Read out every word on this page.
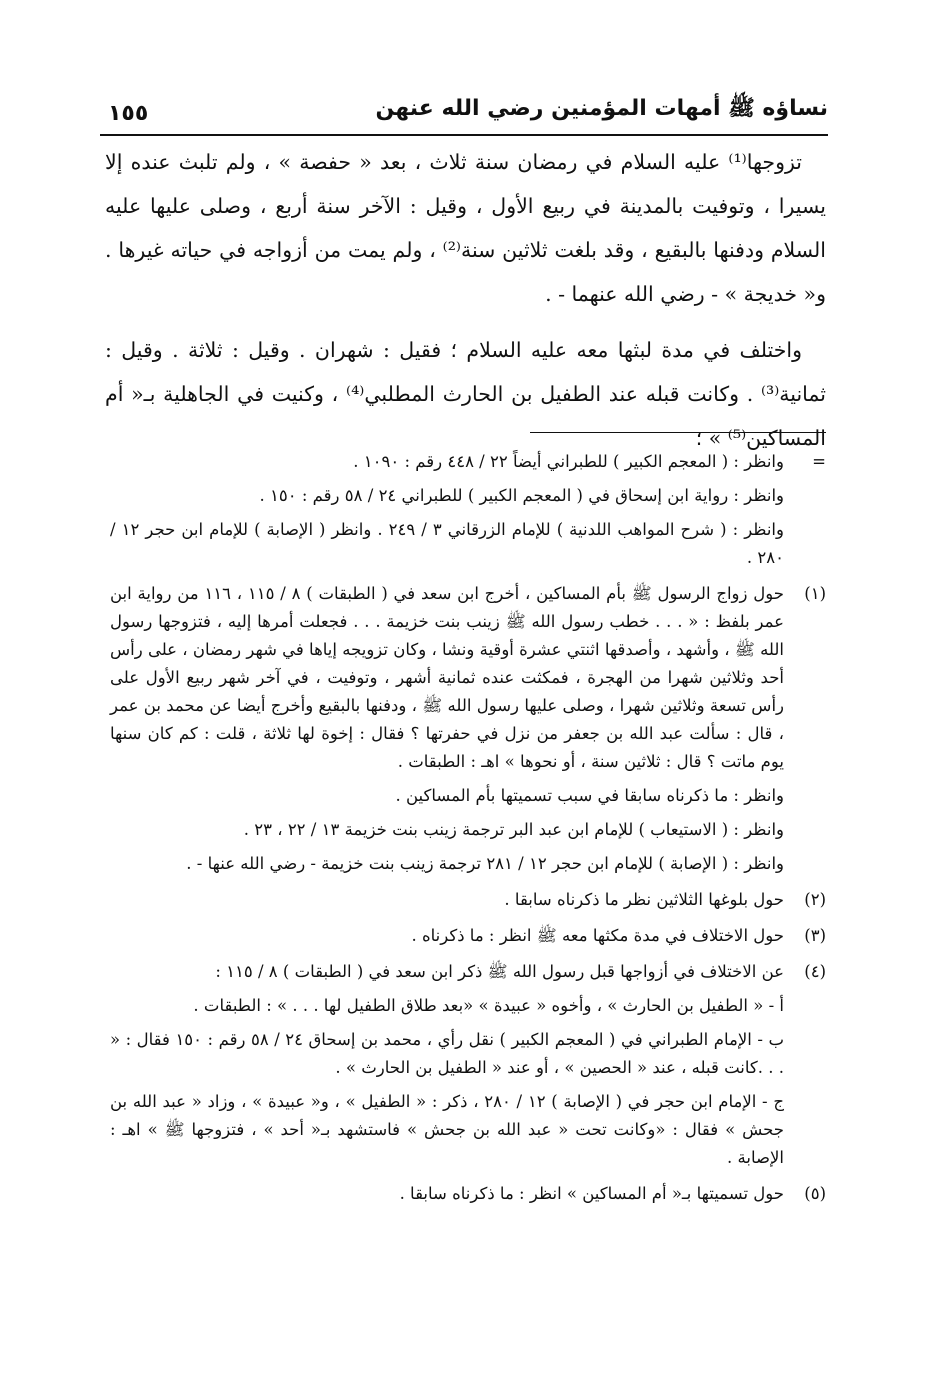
نساؤه ﷺ أمهات المؤمنين رضي الله عنهن
١٥٥

تزوجها⁽¹⁾ عليه السلام في رمضان سنة ثلاث ، بعد « حفصة » ، ولم تلبث عنده إلا يسيرا ، وتوفيت بالمدينة في ربيع الأول ، وقيل : الآخر سنة أربع ، وصلى عليها عليه السلام ودفنها بالبقيع ، وقد بلغت ثلاثين سنة⁽²⁾ ، ولم يمت من أزواجه في حياته غيرها . و« خديجة » - رضي الله عنهما - .

واختلف في مدة لبثها معه عليه السلام ؛ فقيل : شهران . وقيل : ثلاثة . وقيل : ثمانية⁽³⁾ . وكانت قبله عند الطفيل بن الحارث المطلبي⁽⁴⁾ ، وكنيت في الجاهلية بـ« أم المساكين⁽⁵⁾ » ؛

=
وانظر : ( المعجم الكبير ) للطبراني أيضاً ٢٢ / ٤٤٨ رقم : ١٠٩٠ .
وانظر : رواية ابن إسحاق في ( المعجم الكبير ) للطبراني ٢٤ / ٥٨ رقم : ١٥٠ .
وانظر : ( شرح المواهب اللدنية ) للإمام الزرقاني ٣ / ٢٤٩ . وانظر ( الإصابة ) للإمام ابن حجر ١٢ / ٢٨٠ .
(١)
حول زواج الرسول ﷺ بأم المساكين ، أخرج ابن سعد في ( الطبقات ) ٨ / ١١٥ ، ١١٦ من رواية ابن عمر بلفظ : « . . . خطب رسول الله ﷺ زينب بنت خزيمة . . . فجعلت أمرها إليه ، فتزوجها رسول الله ﷺ ، وأشهد ، وأصدقها اثنتي عشرة أوقية ونشا ، وكان تزويجه إياها في شهر رمضان ، على رأس أحد وثلاثين شهرا من الهجرة ، فمكثت عنده ثمانية أشهر ، وتوفيت ، في آخر شهر ربيع الأول على رأس تسعة وثلاثين شهرا ، وصلى عليها رسول الله ﷺ ، ودفنها بالبقيع وأخرج أيضا عن محمد بن عمر ، قال : سألت عبد الله بن جعفر من نزل في حفرتها ؟ فقال : إخوة لها ثلاثة ، قلت : كم كان سنها يوم ماتت ؟ قال : ثلاثين سنة ، أو نحوها » اهـ : الطبقات .
وانظر : ما ذكرناه سابقا في سبب تسميتها بأم المساكين .
وانظر : ( الاستيعاب ) للإمام ابن عبد البر ترجمة زينب بنت خزيمة ١٣ / ٢٢ ، ٢٣ .
وانظر : ( الإصابة ) للإمام ابن حجر ١٢ / ٢٨١ ترجمة زينب بنت خزيمة - رضي الله عنها - .
(٢)
حول بلوغها الثلاثين نظر ما ذكرناه سابقا .
(٣)
حول الاختلاف في مدة مكثها معه ﷺ انظر : ما ذكرناه .
(٤)
عن الاختلاف في أزواجها قبل رسول الله ﷺ ذكر ابن سعد في ( الطبقات ) ٨ / ١١٥ :
أ - « الطفيل بن الحارث » ، وأخوه « عبيدة » «بعد طلاق الطفيل لها . . . » : الطبقات .
ب - الإمام الطبراني في ( المعجم الكبير ) نقل رأي ، محمد بن إسحاق ٢٤ / ٥٨ رقم : ١٥٠ فقال : « . . .كانت قبله ، عند « الحصين » ، أو عند « الطفيل بن الحارث » .
ج - الإمام ابن حجر في ( الإصابة ) ١٢ / ٢٨٠ ، ذكر : « الطفيل » ، و« عبيدة » ، وزاد « عبد الله بن جحش » فقال : «وكانت تحت « عبد الله بن جحش » فاستشهد بـ« أحد » ، فتزوجها ﷺ » اهـ : الإصابة .
(٥)
حول تسميتها بـ« أم المساكين » انظر : ما ذكرناه سابقا .
